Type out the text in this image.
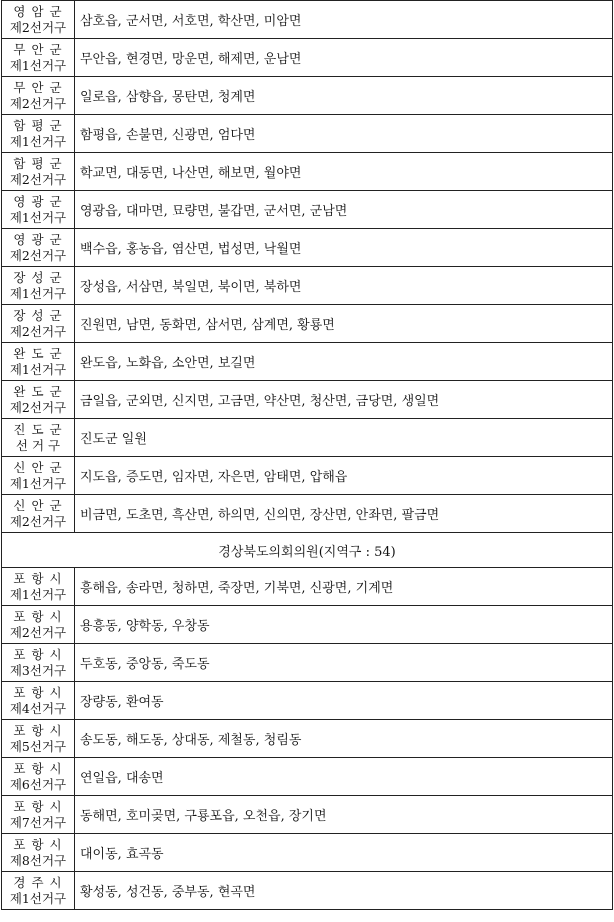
영 암 군
제2선거구	삼호읍, 군서면, 서호면, 학산면, 미암면

무 안 군
제1선거구	무안읍, 현경면, 망운면, 해제면, 운남면

무 안 군
제2선거구	일로읍, 삼향읍, 몽탄면, 청계면

함 평 군
제1선거구	함평읍, 손불면, 신광면, 엄다면

함 평 군
제2선거구	학교면, 대동면, 나산면, 해보면, 월야면

영 광 군
제1선거구	영광읍, 대마면, 묘량면, 불갑면, 군서면, 군남면

영 광 군
제2선거구	백수읍, 홍농읍, 염산면, 법성면, 낙월면

장 성 군
제1선거구	장성읍, 서삼면, 북일면, 북이면, 북하면

장 성 군
제2선거구	진원면, 남면, 동화면, 삼서면, 삼계면, 황룡면

완 도 군
제1선거구	완도읍, 노화읍, 소안면, 보길면

완 도 군
제2선거구	금일읍, 군외면, 신지면, 고금면, 약산면, 청산면, 금당면, 생일면

진 도 군
선 거 구	진도군 일원

신 안 군
제1선거구	지도읍, 증도면, 임자면, 자은면, 암태면, 압해읍

신 안 군
제2선거구	비금면, 도초면, 흑산면, 하의면, 신의면, 장산면, 안좌면, 팔금면
경상북도의회의원(지역구 : 54)	

포 항 시
제1선거구	흥해읍, 송라면, 청하면, 죽장면, 기북면, 신광면, 기계면

포 항 시
제2선거구	용흥동, 양학동, 우창동

포 항 시
제3선거구	두호동, 중앙동, 죽도동

포 항 시
제4선거구	장량동, 환여동

포 항 시
제5선거구	송도동, 해도동, 상대동, 제철동, 청림동

포 항 시
제6선거구	연일읍, 대송면

포 항 시
제7선거구	동해면, 호미곶면, 구룡포읍, 오천읍, 장기면

포 항 시
제8선거구	대이동, 효곡동

경 주 시
제1선거구	황성동, 성건동, 중부동, 현곡면
